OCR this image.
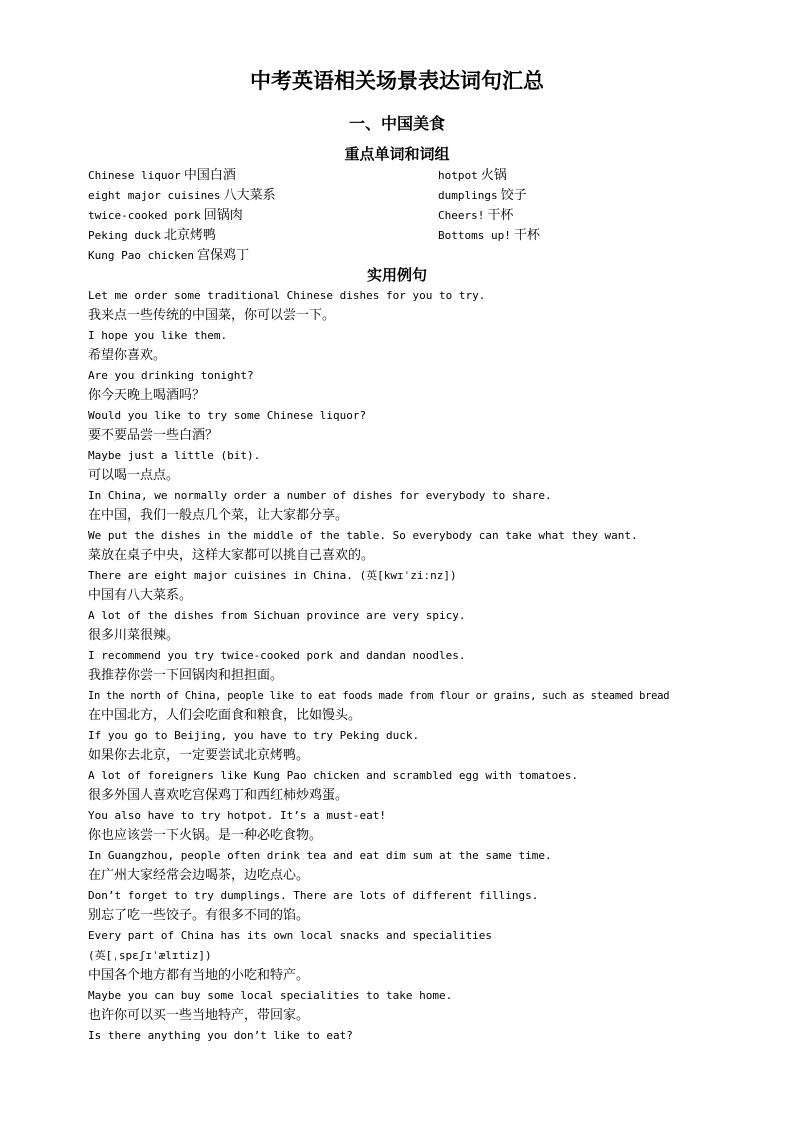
中考英语相关场景表达词句汇总
一、中国美食
重点单词和词组
Chinese liquor 中国白酒	hotpot 火锅
eight major cuisines 八大菜系	dumplings 饺子
twice-cooked pork 回锅肉	Cheers! 干杯
Peking duck 北京烤鸭	Bottoms up! 干杯
Kung Pao chicken 宫保鸡丁
实用例句
Let me order some traditional Chinese dishes for you to try.
我来点一些传统的中国菜，你可以尝一下。
I hope you like them.
希望你喜欢。
Are you drinking tonight?
你今天晚上喝酒吗？
Would you like to try some Chinese liquor?
要不要品尝一些白酒？
Maybe just a little (bit).
可以喝一点点。
In China, we normally order a number of dishes for everybody to share.
在中国，我们一般点几个菜，让大家都分享。
We put the dishes in the middle of the table. So everybody can take what they want.
菜放在桌子中央，这样大家都可以挑自己喜欢的。
There are eight major cuisines in China. (英[kwɪˈziːnz])
中国有八大菜系。
A lot of the dishes from Sichuan province are very spicy.
很多川菜很辣。
I recommend you try twice-cooked pork and dandan noodles.
我推荐你尝一下回锅肉和担担面。
In the north of China, people like to eat foods made from flour or grains, such as steamed bread
在中国北方，人们会吃面食和粮食，比如馒头。
If you go to Beijing, you have to try Peking duck.
如果你去北京，一定要尝试北京烤鸭。
A lot of foreigners like Kung Pao chicken and scrambled egg with tomatoes.
很多外国人喜欢吃宫保鸡丁和西红柿炒鸡蛋。
You also have to try hotpot. It’s a must-eat!
你也应该尝一下火锅。是一种必吃食物。
In Guangzhou, people often drink tea and eat dim sum at the same time.
在广州大家经常会边喝茶，边吃点心。
Don’t forget to try dumplings. There are lots of different fillings.
别忘了吃一些饺子。有很多不同的馅。
Every part of China has its own local snacks and specialities
(英[ˌspɛʃɪˈælɪtiz])
中国各个地方都有当地的小吃和特产。
Maybe you can buy some local specialities to take home.
也许你可以买一些当地特产，带回家。
Is there anything you don’t like to eat?
